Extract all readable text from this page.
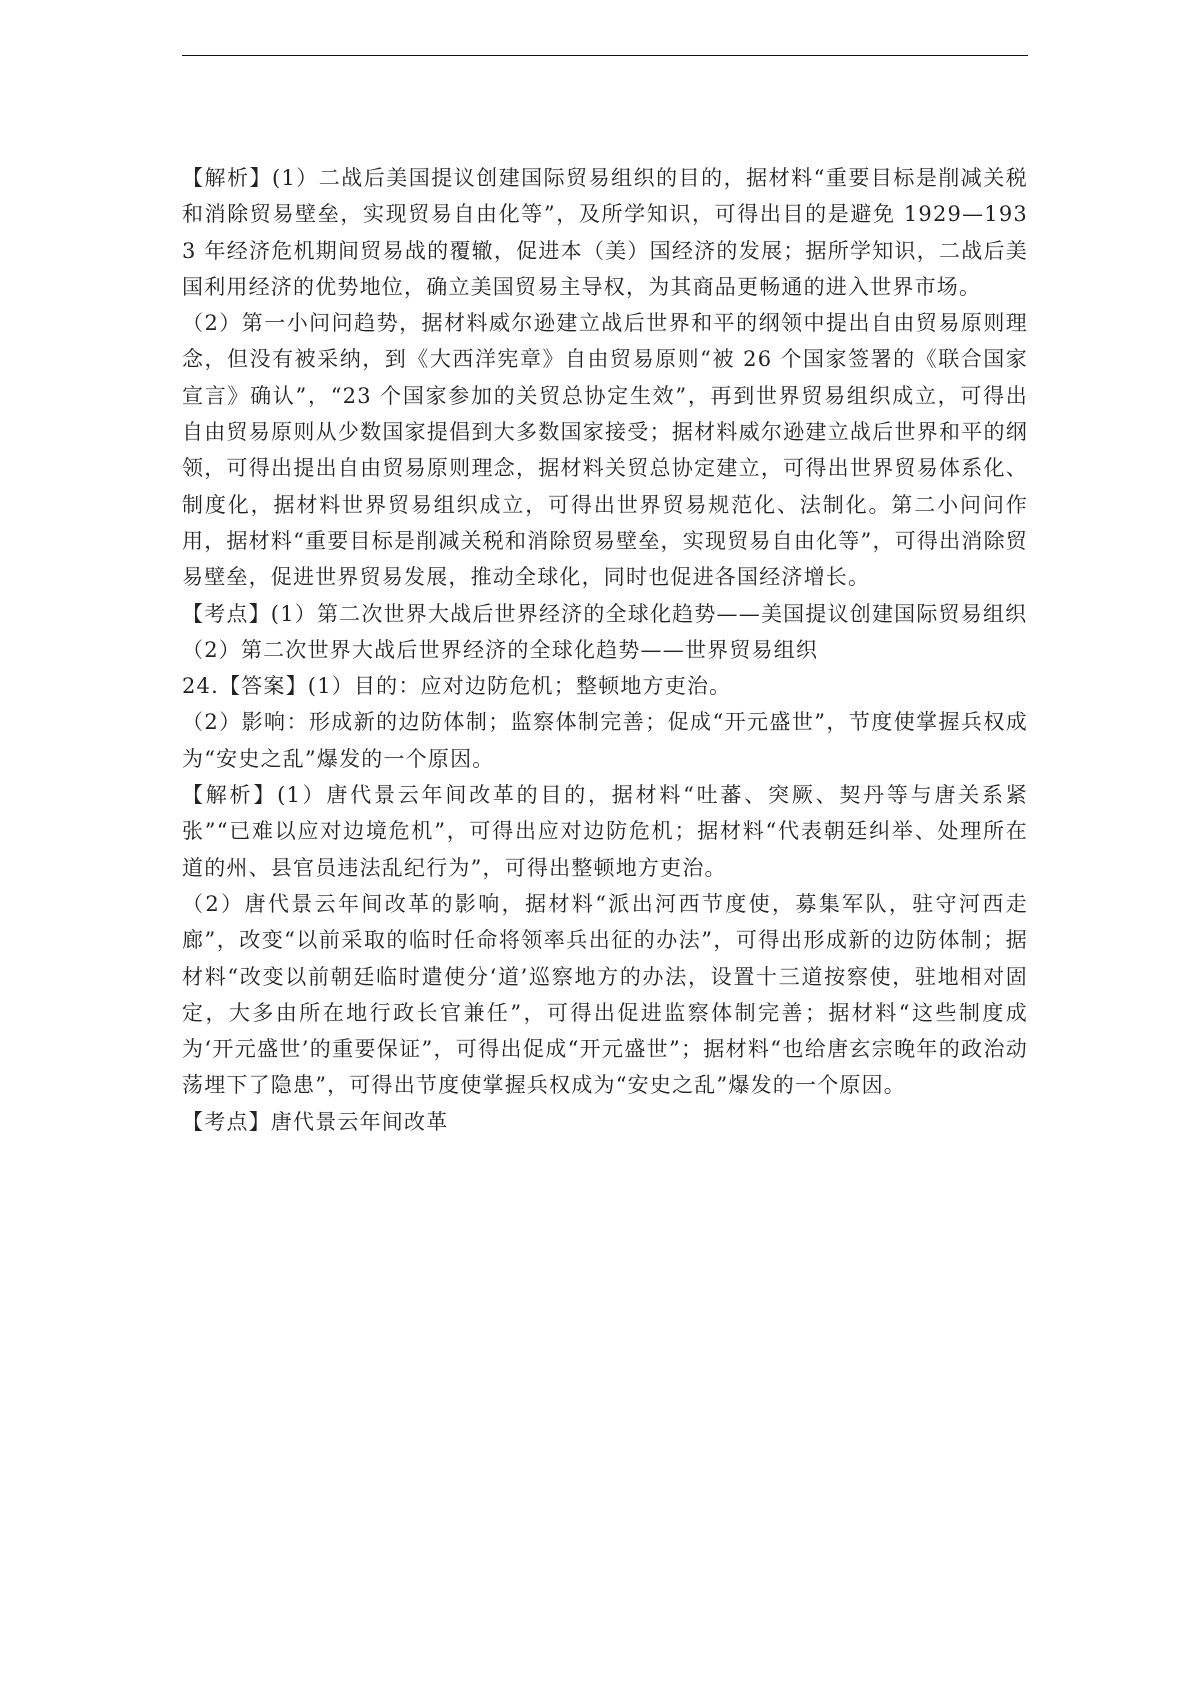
【解析】(1）二战后美国提议创建国际贸易组织的目的，据材料“重要目标是削减关税和消除贸易壁垒，实现贸易自由化等”，及所学知识，可得出目的是避免 1929—1933 年经济危机期间贸易战的覆辙，促进本（美）国经济的发展；据所学知识，二战后美国利用经济的优势地位，确立美国贸易主导权，为其商品更畅通的进入世界市场。

（2）第一小问问趋势，据材料威尔逊建立战后世界和平的纲领中提出自由贸易原则理念，但没有被采纳，到《大西洋宪章》自由贸易原则“被 26 个国家签署的《联合国家宣言》确认”，“23 个国家参加的关贸总协定生效”，再到世界贸易组织成立，可得出自由贸易原则从少数国家提倡到大多数国家接受；据材料威尔逊建立战后世界和平的纲领，可得出提出自由贸易原则理念，据材料关贸总协定建立，可得出世界贸易体系化、制度化，据材料世界贸易组织成立，可得出世界贸易规范化、法制化。第二小问问作用，据材料“重要目标是削减关税和消除贸易壁垒，实现贸易自由化等”，可得出消除贸易壁垒，促进世界贸易发展，推动全球化，同时也促进各国经济增长。

【考点】(1）第二次世界大战后世界经济的全球化趋势——美国提议创建国际贸易组织

（2）第二次世界大战后世界经济的全球化趋势——世界贸易组织

24.【答案】(1）目的：应对边防危机；整顿地方吏治。

（2）影响：形成新的边防体制；监察体制完善；促成“开元盛世”，节度使掌握兵权成为“安史之乱”爆发的一个原因。

【解析】(1）唐代景云年间改革的目的，据材料“吐蕃、突厥、契丹等与唐关系紧张”“已难以应对边境危机”，可得出应对边防危机；据材料“代表朝廷纠举、处理所在道的州、县官员违法乱纪行为”，可得出整顿地方吏治。

（2）唐代景云年间改革的影响，据材料“派出河西节度使，募集军队，驻守河西走廊”，改变“以前采取的临时任命将领率兵出征的办法”，可得出形成新的边防体制；据材料“改变以前朝廷临时遣使分‘道’巡察地方的办法，设置十三道按察使，驻地相对固定，大多由所在地行政长官兼任”，可得出促进监察体制完善；据材料“这些制度成为‘开元盛世’的重要保证”，可得出促成“开元盛世”；据材料“也给唐玄宗晚年的政治动荡埋下了隐患”，可得出节度使掌握兵权成为“安史之乱”爆发的一个原因。

【考点】唐代景云年间改革
